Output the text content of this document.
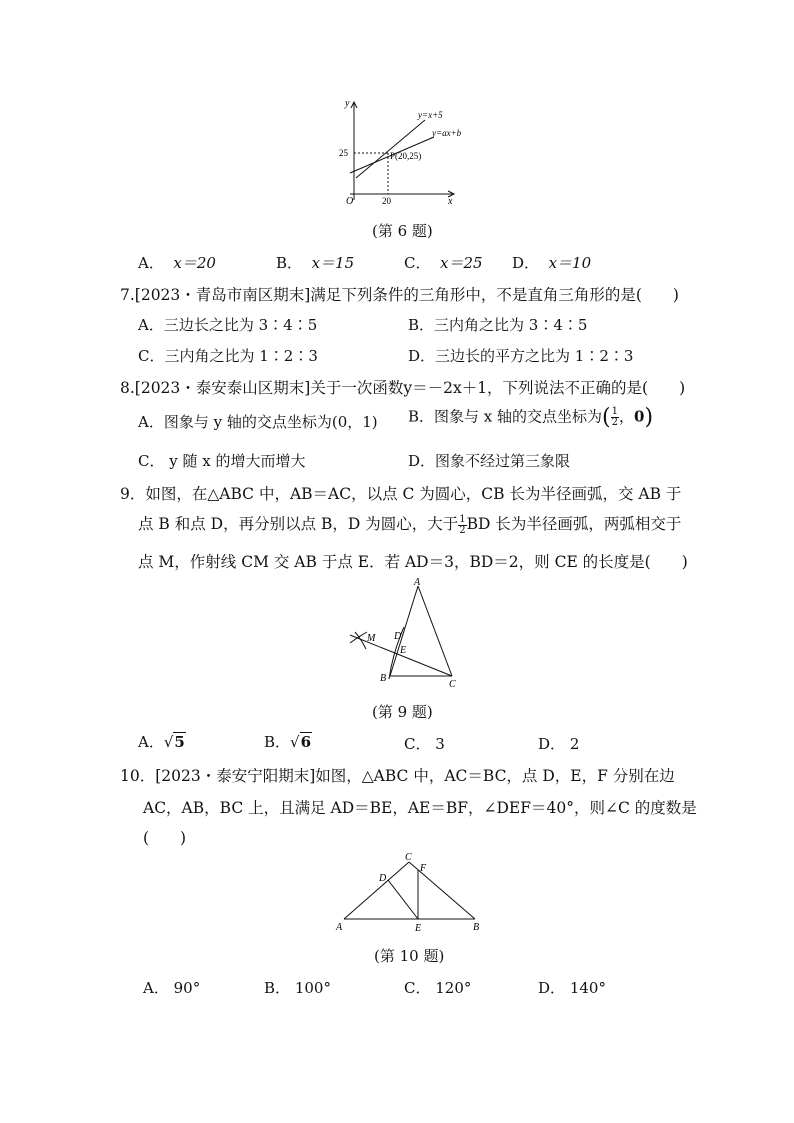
y
x
O
y=x+5
y=ax+b
P(20,25)
25
20
(第 6 题)
A． x＝20	B． x＝15	C． x＝25 D． x＝10
7.[2023・青岛市南区期末]满足下列条件的三角形中，不是直角三角形的是(　　)
A．三边长之比为 3∶4∶5	B．三内角之比为 3∶4∶5
C．三内角之比为 1∶2∶3	D．三边长的平方之比为 1∶2∶3
8.[2023・泰安泰山区期末]关于一次函数y＝－2x＋1，下列说法不正确的是(　　)
A．图象与 y 轴的交点坐标为(0，1) B．图象与 x 轴的交点坐标为( $\frac{1}{2}$ ，0)
C． y 随 x 的增大而增大	D．图象不经过第三象限
9．如图，在△ABC 中，AB＝AC，以点 C 为圆心，CB 长为半径画弧，交 AB 于
点 B 和点 D，再分别以点 B，D 为圆心，大于 $\frac{1}{2}$ BD 长为半径画弧，两弧相交于
点 M，作射线 CM 交 AB 于点 E．若 AD＝3，BD＝2，则 CE 的长度是(　　)
A
B
C
D
E
M
(第 9 题)
A．√5	B．√6	C． 3	D． 2
10．[2023・泰安宁阳期末]如图，△ABC 中，AC＝BC，点 D，E，F 分别在边
AC，AB，BC 上，且满足 AD＝BE，AE＝BF，∠DEF＝40°，则∠C 的度数是
(　　)
A	B
C
D
E
F
(第 10 题)
A． 90°	B． 100°	C． 120°	D． 140°
